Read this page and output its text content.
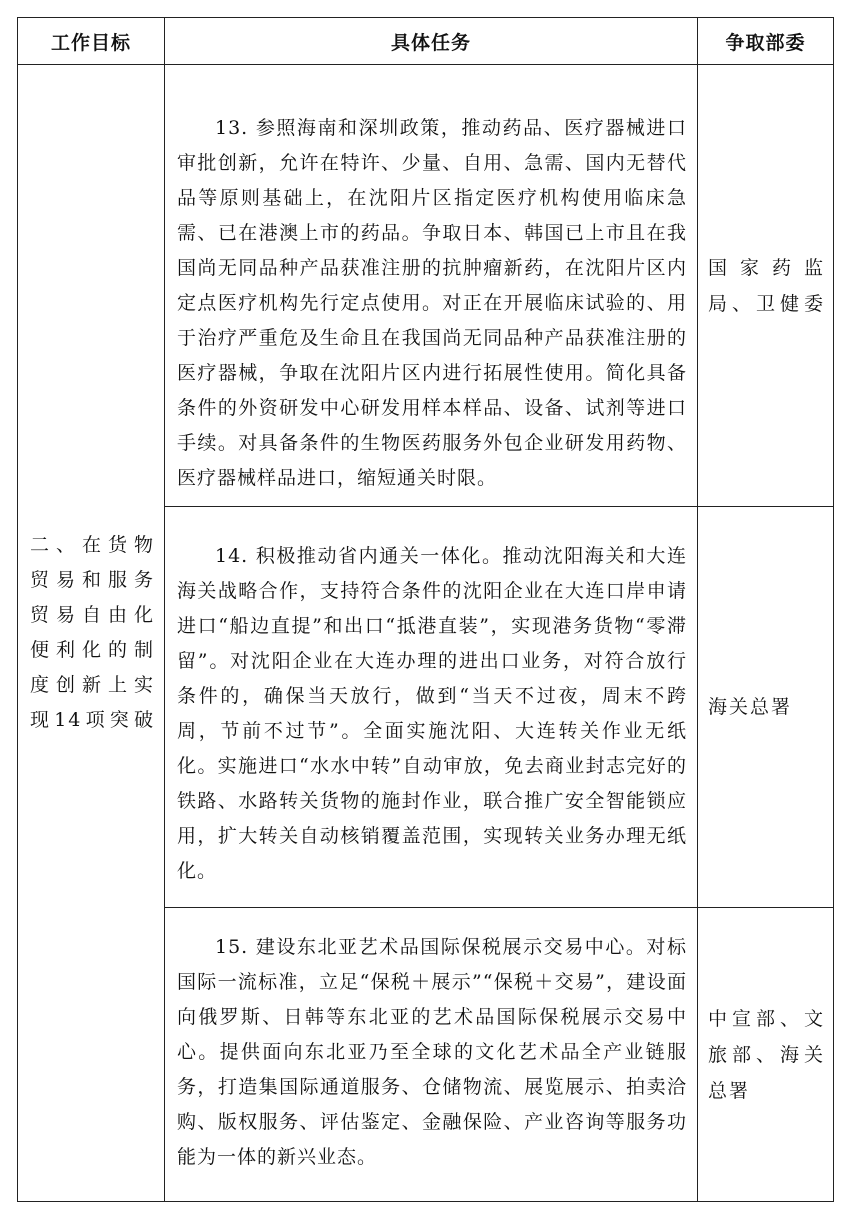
工作目标	具体任务	争取部委
二、在货物贸易和服务贸易自由化便利化的制度创新上实现14项突破	13. 参照海南和深圳政策，推动药品、医疗器械进口审批创新，允许在特许、少量、自用、急需、国内无替代品等原则基础上，在沈阳片区指定医疗机构使用临床急需、已在港澳上市的药品。争取日本、韩国已上市且在我国尚无同品种产品获准注册的抗肿瘤新药，在沈阳片区内定点医疗机构先行定点使用。对正在开展临床试验的、用于治疗严重危及生命且在我国尚无同品种产品获准注册的医疗器械，争取在沈阳片区内进行拓展性使用。简化具备条件的外资研发中心研发用样本样品、设备、试剂等进口手续。对具备条件的生物医药服务外包企业研发用药物、医疗器械样品进口，缩短通关时限。	国家药监局、卫健委

	14. 积极推动省内通关一体化。推动沈阳海关和大连海关战略合作，支持符合条件的沈阳企业在大连口岸申请进口“船边直提”和出口“抵港直装”，实现港务货物“零滞留”。对沈阳企业在大连办理的进出口业务，对符合放行条件的，确保当天放行，做到“当天不过夜，周末不跨周，节前不过节”。全面实施沈阳、大连转关作业无纸化。实施进口“水水中转”自动审放，免去商业封志完好的铁路、水路转关货物的施封作业，联合推广安全智能锁应用，扩大转关自动核销覆盖范围，实现转关业务办理无纸化。	海关总署

	15. 建设东北亚艺术品国际保税展示交易中心。对标国际一流标准，立足“保税＋展示”“保税＋交易”，建设面向俄罗斯、日韩等东北亚的艺术品国际保税展示交易中心。提供面向东北亚乃至全球的文化艺术品全产业链服务，打造集国际通道服务、仓储物流、展览展示、拍卖洽购、版权服务、评估鉴定、金融保险、产业咨询等服务功能为一体的新兴业态。	中宣部、文旅部、海关总署
